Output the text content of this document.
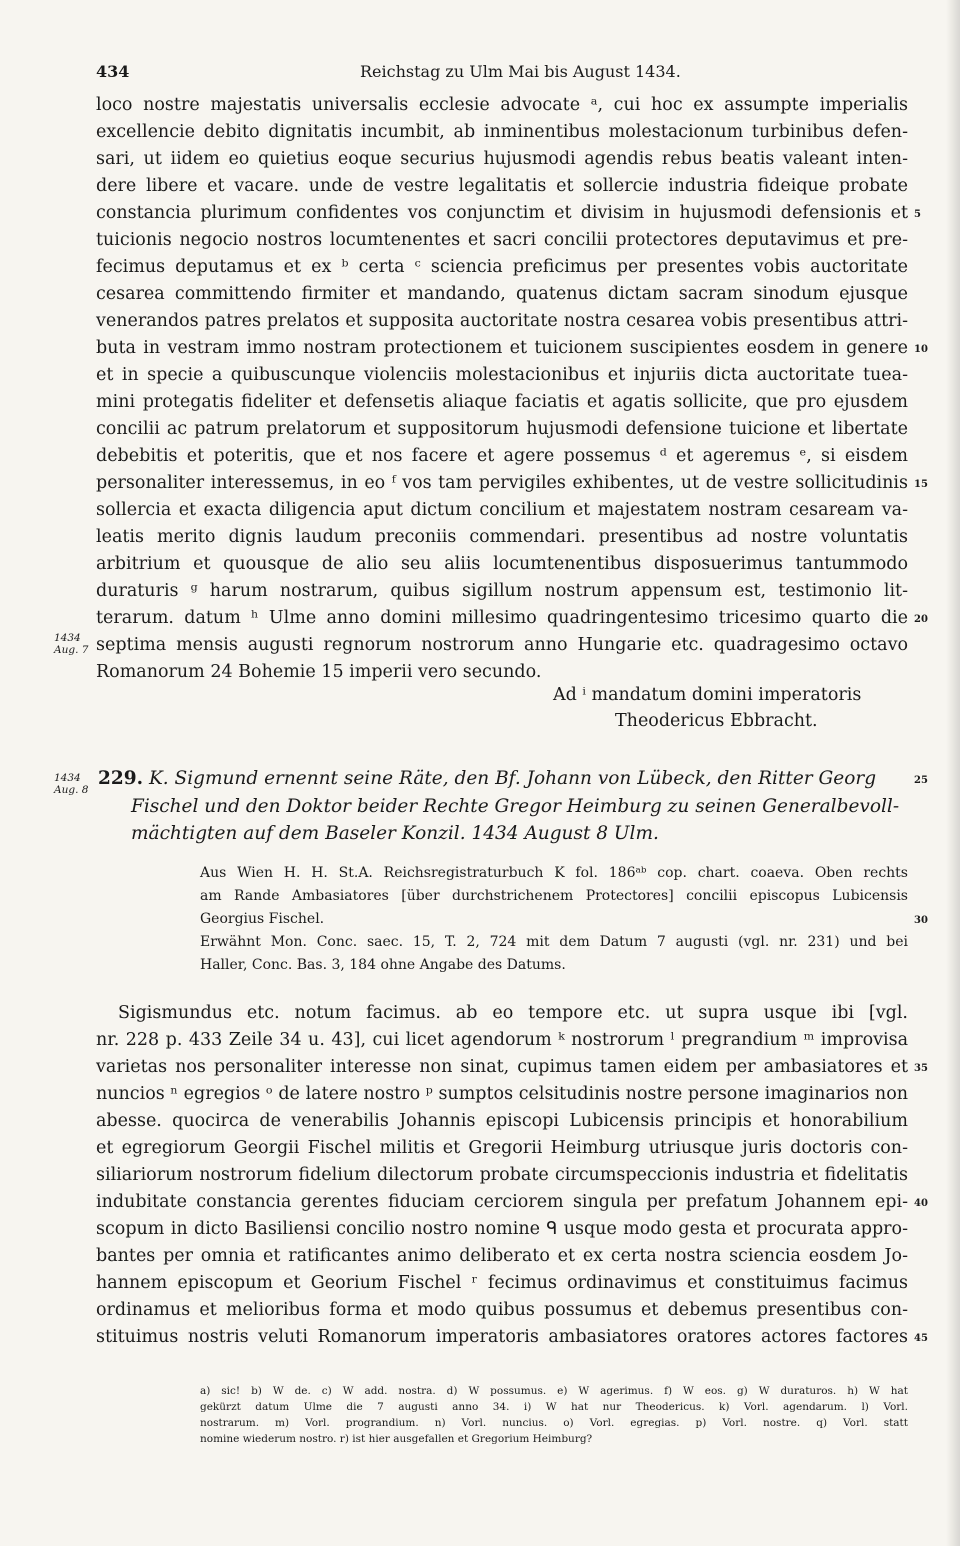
434	Reichstag zu Ulm Mai bis August 1434.
loco nostre majestatis universalis ecclesie advocate ᵃ, cui hoc ex assumpte imperialis
excellencie debito dignitatis incumbit, ab inminentibus molestacionum turbinibus defen-
sari, ut iidem eo quietius eoque securius hujusmodi agendis rebus beatis valeant inten-
dere libere et vacare. unde de vestre legalitatis et sollercie industria fideique probate
constancia plurimum confidentes vos conjunctim et divisim in hujusmodi defensionis et
tuicionis negocio nostros locumtenentes et sacri concilii protectores deputavimus et pre-
fecimus deputamus et ex ᵇ certa ᶜ sciencia preficimus per presentes vobis auctoritate
cesarea committendo firmiter et mandando, quatenus dictam sacram sinodum ejusque
venerandos patres prelatos et supposita auctoritate nostra cesarea vobis presentibus attri-
buta in vestram immo nostram protectionem et tuicionem suscipientes eosdem in genere
et in specie a quibuscunque violenciis molestacionibus et injuriis dicta auctoritate tuea-
mini protegatis fideliter et defensetis aliaque faciatis et agatis sollicite, que pro ejusdem
concilii ac patrum prelatorum et suppositorum hujusmodi defensione tuicione et libertate
debebitis et poteritis, que et nos facere et agere possemus ᵈ et ageremus ᵉ, si eisdem
personaliter interessemus, in eo ᶠ vos tam pervigiles exhibentes, ut de vestre sollicitudinis
sollercia et exacta diligencia aput dictum concilium et majestatem nostram cesaream va-
leatis merito dignis laudum preconiis commendari. presentibus ad nostre voluntatis
arbitrium et quousque de alio seu aliis locumtenentibus disposuerimus tantummodo
duraturis ᵍ harum nostrarum, quibus sigillum nostrum appensum est, testimonio lit-
terarum. datum ʰ Ulme anno domini millesimo quadringentesimo tricesimo quarto die
septima mensis augusti regnorum nostrorum anno Hungarie etc. quadragesimo octavo
Romanorum 24 Bohemie 15 imperii vero secundo.
5
10
15
20
1434
Aug. 7
Ad ⁱ mandatum domini imperatoris
Theodericus Ebbracht.
1434
Aug. 8
229. K. Sigmund ernennt seine Räte, den Bf. Johann von Lübeck, den Ritter Georg
Fischel und den Doktor beider Rechte Gregor Heimburg zu seinen Generalbevoll-
mächtigten auf dem Baseler Konzil. 1434 August 8 Ulm.
25
Aus Wien H. H. St.A. Reichsregistraturbuch K fol. 186ᵃᵇ cop. chart. coaeva. Oben rechts
am Rande Ambasiatores [über durchstrichenem Protectores] concilii episcopus Lubicensis
Georgius Fischel.
Erwähnt Mon. Conc. saec. 15, T. 2, 724 mit dem Datum 7 augusti (vgl. nr. 231) und bei
Haller, Conc. Bas. 3, 184 ohne Angabe des Datums.
30
Sigismundus etc. notum facimus. ab eo tempore etc. ut supra usque ibi [vgl.
nr. 228 p. 433 Zeile 34 u. 43], cui licet agendorum ᵏ nostrorum ˡ pregrandium ᵐ improvisa
varietas nos personaliter interesse non sinat, cupimus tamen eidem per ambasiatores et
nuncios ⁿ egregios ᵒ de latere nostro ᵖ sumptos celsitudinis nostre persone imaginarios non
abesse. quocirca de venerabilis Johannis episcopi Lubicensis principis et honorabilium
et egregiorum Georgii Fischel militis et Gregorii Heimburg utriusque juris doctoris con-
siliariorum nostrorum fidelium dilectorum probate circumspeccionis industria et fidelitatis
indubitate constancia gerentes fiduciam cerciorem singula per prefatum Johannem epi-
scopum in dicto Basiliensi concilio nostro nomine ᑫ usque modo gesta et procurata appro-
bantes per omnia et ratificantes animo deliberato et ex certa nostra sciencia eosdem Jo-
hannem episcopum et Georium Fischel ʳ fecimus ordinavimus et constituimus facimus
ordinamus et melioribus forma et modo quibus possumus et debemus presentibus con-
stituimus nostris veluti Romanorum imperatoris ambasiatores oratores actores factores
35
40
45
a) sic! b) W de. c) W add. nostra. d) W possumus. e) W agerimus. f) W eos. g) W duraturos. h) W hat
gekürzt datum Ulme die 7 augusti anno 34. i) W hat nur Theodericus. k) Vorl. agendarum. l) Vorl.
nostrarum. m) Vorl. prograndium. n) Vorl. nuncius. o) Vorl. egregias. p) Vorl. nostre. q) Vorl. statt
nomine wiederum nostro. r) ist hier ausgefallen et Gregorium Heimburg?
